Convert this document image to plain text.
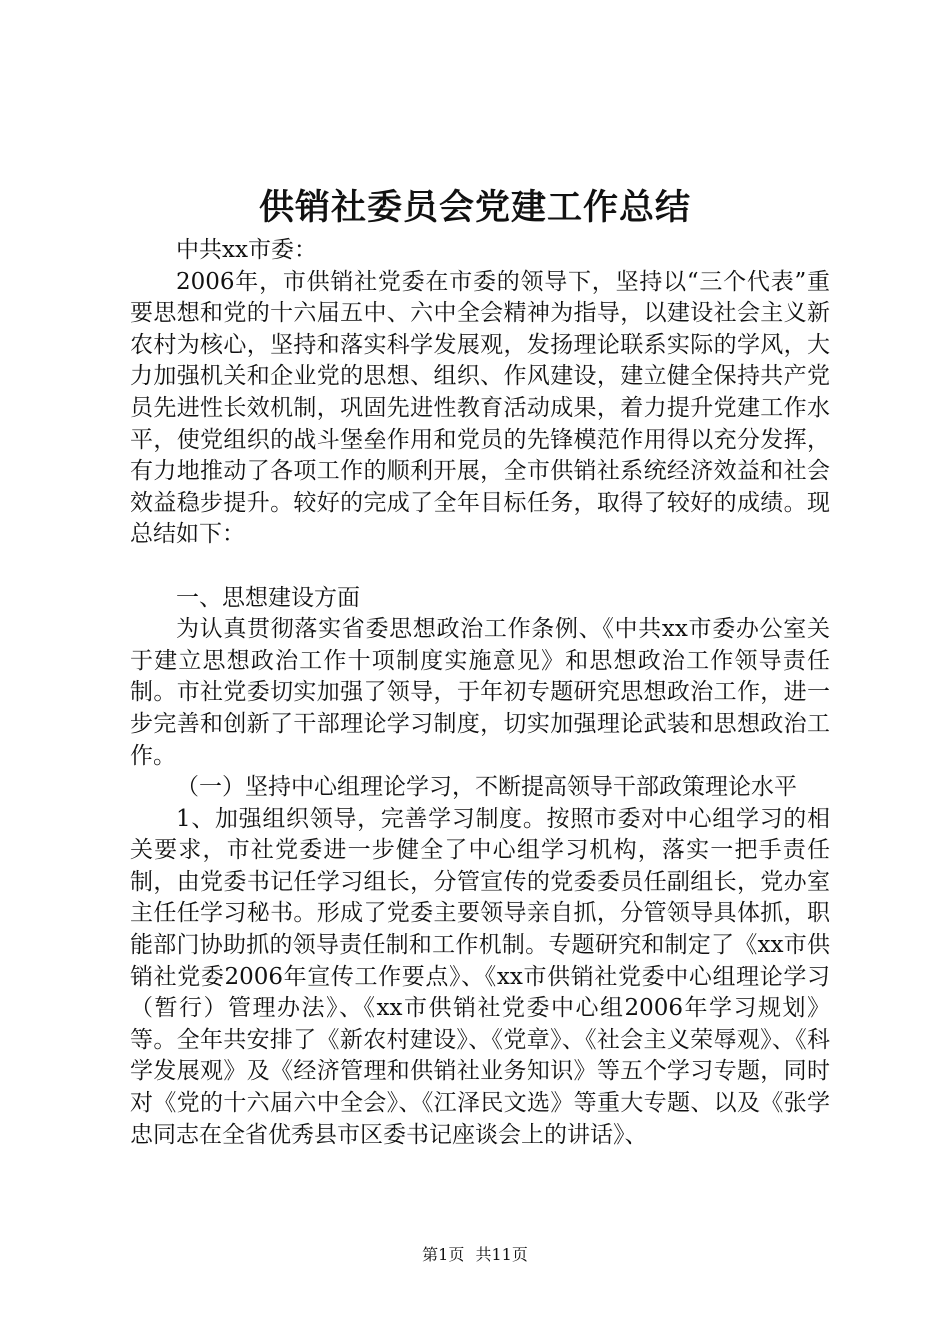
供销社委员会党建工作总结

中共xx市委：

2006年，市供销社党委在市委的领导下，坚持以“三个代表”重要思想和党的十六届五中、六中全会精神为指导，以建设社会主义新农村为核心，坚持和落实科学发展观，发扬理论联系实际的学风，大力加强机关和企业党的思想、组织、作风建设，建立健全保持共产党员先进性长效机制，巩固先进性教育活动成果，着力提升党建工作水平，使党组织的战斗堡垒作用和党员的先锋模范作用得以充分发挥，有力地推动了各项工作的顺利开展，全市供销社系统经济效益和社会效益稳步提升。较好的完成了全年目标任务，取得了较好的成绩。现总结如下：

一、思想建设方面

为认真贯彻落实省委思想政治工作条例、《中共xx市委办公室关于建立思想政治工作十项制度实施意见》和思想政治工作领导责任制。市社党委切实加强了领导，于年初专题研究思想政治工作，进一步完善和创新了干部理论学习制度，切实加强理论武装和思想政治工作。

（一）坚持中心组理论学习，不断提高领导干部政策理论水平

1、加强组织领导，完善学习制度。按照市委对中心组学习的相关要求，市社党委进一步健全了中心组学习机构，落实一把手责任制，由党委书记任学习组长，分管宣传的党委委员任副组长，党办室主任任学习秘书。形成了党委主要领导亲自抓，分管领导具体抓，职能部门协助抓的领导责任制和工作机制。专题研究和制定了《xx市供销社党委2006年宣传工作要点》、《xx市供销社党委中心组理论学习（暂行）管理办法》、《xx市供销社党委中心组2006年学习规划》等。全年共安排了《新农村建设》、《党章》、《社会主义荣辱观》、《科学发展观》及《经济管理和供销社业务知识》等五个学习专题，同时对《党的十六届六中全会》、《江泽民文选》等重大专题、以及《张学忠同志在全省优秀县市区委书记座谈会上的讲话》、

第1页 共11页
